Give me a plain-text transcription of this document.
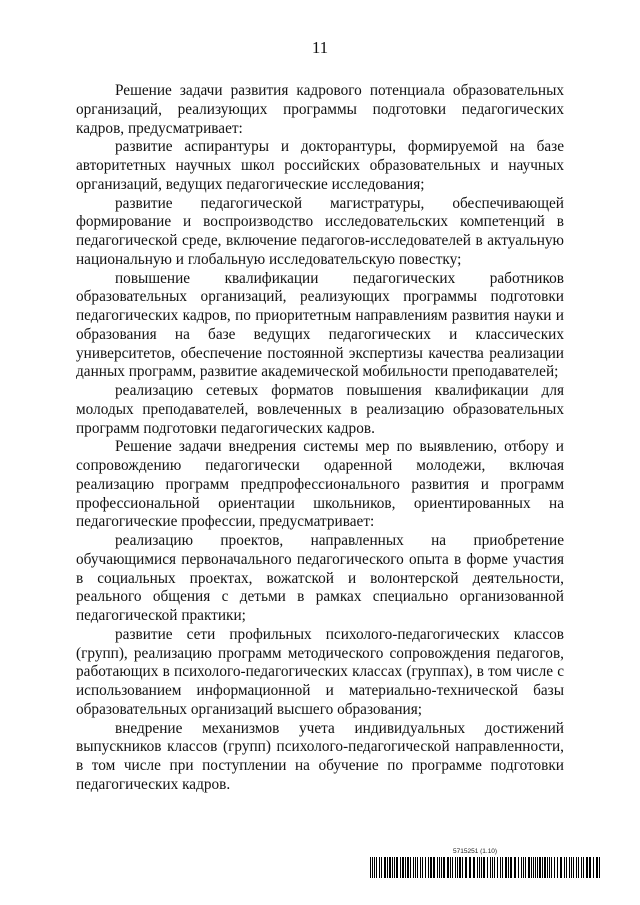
11

Решение задачи развития кадрового потенциала образовательных организаций, реализующих программы подготовки педагогических кадров, предусматривает:

развитие аспирантуры и докторантуры, формируемой на базе авторитетных научных школ российских образовательных и научных организаций, ведущих педагогические исследования;

развитие педагогической магистратуры, обеспечивающей формирование и воспроизводство исследовательских компетенций в педагогической среде, включение педагогов-исследователей в актуальную национальную и глобальную исследовательскую повестку;

повышение квалификации педагогических работников образовательных организаций, реализующих программы подготовки педагогических кадров, по приоритетным направлениям развития науки и образования на базе ведущих педагогических и классических университетов, обеспечение постоянной экспертизы качества реализации данных программ, развитие академической мобильности преподавателей;

реализацию сетевых форматов повышения квалификации для молодых преподавателей, вовлеченных в реализацию образовательных программ подготовки педагогических кадров.

Решение задачи внедрения системы мер по выявлению, отбору и сопровождению педагогически одаренной молодежи, включая реализацию программ предпрофессионального развития и программ профессиональной ориентации школьников, ориентированных на педагогические профессии, предусматривает:

реализацию проектов, направленных на приобретение обучающимися первоначального педагогического опыта в форме участия в социальных проектах, вожатской и волонтерской деятельности, реального общения с детьми в рамках специально организованной педагогической практики;

развитие сети профильных психолого-педагогических классов (групп), реализацию программ методического сопровождения педагогов, работающих в психолого-педагогических классах (группах), в том числе с использованием информационной и материально-технической базы образовательных организаций высшего образования;

внедрение механизмов учета индивидуальных достижений выпускников классов (групп) психолого-педагогической направленности, в том числе при поступлении на обучение по программе подготовки педагогических кадров.

5715251 (1.10)
